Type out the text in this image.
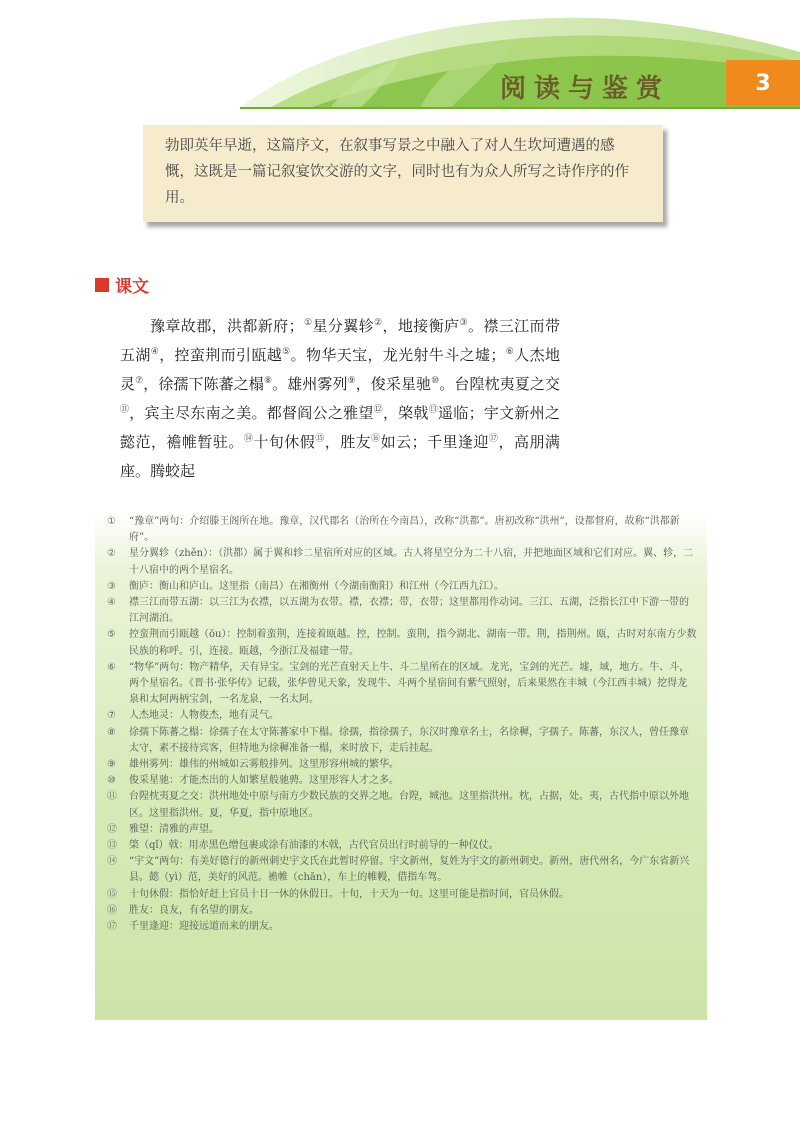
阅读与鉴赏	3

勃即英年早逝，这篇序文，在叙事写景之中融入了对人生坎坷遭遇的感慨，这既是一篇记叙宴饮交游的文字，同时也有为众人所写之诗作序的作用。

课文

豫章故郡，洪都新府；①星分翼轸②，地接衡庐③。襟三江而带五湖④，控蛮荆而引瓯越⑤。物华天宝，龙光射牛斗之墟；⑥人杰地灵⑦，徐孺下陈蕃之榻⑧。雄州雾列⑨，俊采星驰⑩。台隍枕夷夏之交⑪，宾主尽东南之美。都督阎公之雅望⑫，棨戟⑬遥临；宇文新州之懿范，襜帷暂驻。⑭十旬休假⑮，胜友⑯如云；千里逢迎⑰，高朋满座。腾蛟起

①	“豫章”两句：介绍滕王阁所在地。豫章，汉代郡名（治所在今南昌），改称“洪都”。唐初改称“洪州”，设都督府，故称“洪都新府”。
②	星分翼轸（zhěn）：（洪都）属于翼和轸二星宿所对应的区域。古人将星空分为二十八宿，并把地面区域和它们对应。翼、轸，二十八宿中的两个星宿名。
③	衡庐：衡山和庐山。这里指（南昌）在湘衡州（今湖南衡阳）和江州（今江西九江）。
④	襟三江而带五湖：以三江为衣襟，以五湖为衣带。襟，衣襟；带，衣带；这里都用作动词。三江、五湖，泛指长江中下游一带的江河湖泊。
⑤	控蛮荆而引瓯越（ōu）：控制着蛮荆，连接着瓯越。控，控制。蛮荆，指今湖北、湖南一带。荆，指荆州。瓯，古时对东南方少数民族的称呼。引，连接。瓯越，今浙江及福建一带。
⑥	“物华”两句：物产精华，天有异宝。宝剑的光芒直射天上牛、斗二星所在的区域。龙光，宝剑的光芒。墟，域，地方。牛、斗，两个星宿名。《晋书·张华传》记载，张华曾见天象，发现牛、斗两个星宿间有紫气照射，后来果然在丰城（今江西丰城）挖得龙泉和太阿两柄宝剑，一名龙泉，一名太阿。
⑦	人杰地灵：人物俊杰，地有灵气。
⑧	徐孺下陈蕃之榻：徐孺子在太守陈蕃家中下榻。徐孺，指徐孺子，东汉时豫章名士，名徐穉，字孺子。陈蕃，东汉人，曾任豫章太守，素不接待宾客，但特地为徐穉准备一榻，来时放下，走后挂起。
⑨	雄州雾列：雄伟的州城如云雾般排列。这里形容州城的繁华。
⑩	俊采星驰：才能杰出的人如繁星般驰骋。这里形容人才之多。
⑪	台隍枕夷夏之交：洪州地处中原与南方少数民族的交界之地。台隍，城池。这里指洪州。枕，占据，处。夷，古代指中原以外地区。这里指洪州。夏，华夏，指中原地区。
⑫	雅望：清雅的声望。
⑬	棨（qǐ）戟：用赤黑色缯包裹或涂有油漆的木戟，古代官员出行时前导的一种仪仗。
⑭	“宇文”两句：有美好德行的新州刺史宇文氏在此暂时停留。宇文新州，复姓为宇文的新州刺史。新州，唐代州名，今广东省新兴县。懿（yì）范，美好的风范。襜帷（chān），车上的帷幔，借指车驾。
⑮	十旬休假：指恰好赶上官员十日一休的休假日。十旬，十天为一旬。这里可能是指时间，官员休假。
⑯	胜友：良友，有名望的朋友。
⑰	千里逢迎：迎接远道而来的朋友。
